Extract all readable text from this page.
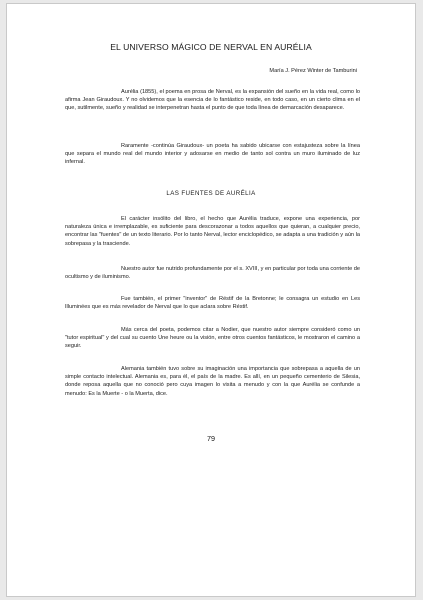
EL UNIVERSO MÁGICO DE NERVAL EN AURÉLIA
María J. Pérez Winter de Tamburini

Aurélia (1855), el poema en prosa de Nerval, es la expansión del sueño en la vida real, como lo afirma Jean Giraudoux. Y no olvidemos que la esencia de lo fantástico reside, en todo caso, en un cierto clima en el que, sutilmente, sueño y realidad se interpenetran hasta el punto de que toda línea de demarcación desaparece.

Raramente -continúa Giraudoux- un poeta ha sabido ubicarse con estajusteza sobre la línea que separa el mundo real del mundo interior y adosarse en medio de tanto sol contra un muro iluminado de luz infernal.

LAS FUENTES DE AURÉLIA

El carácter insólito del libro, el hecho que Aurélia traduce, expone una experiencia, por naturaleza única e irremplazable, es suficiente para descorazonar a todos aquellos que quieran, a cualquier precio, encontrar las "fuentes" de un texto literario. Por lo tanto Nerval, lector enciclopédico, se adapta a una tradición y aún la sobrepasa y la trasciende.

Nuestro autor fue nutrido profundamente por el s. XVIII, y en particular por toda una corriente de ocultismo y de iluminismo.

Fue también, el primer "inventor" de Réstif de la Bretonne; le consagra un estudio en Les Illuminées que es más revelador de Nerval que lo que aclara sobre Réstif.

Más cerca del poeta, podemos citar a Nodier, que nuestro autor siempre consideró como un "tutor espiritual" y del cual su cuento Une heure ou la visión, entre otros cuentos fantásticos, le mostraron el camino a seguir.

Alemania también tuvo sobre su imaginación una importancia que sobrepasa a aquella de un simple contacto intelectual. Alemania es, para él, el país de la madre. Es allí, en un pequeño cementerio de Silesia, donde reposa aquella que no conoció pero cuya imagen lo visita a menudo y con la que Aurélia se confunde a menudo: Es la Muerte - o la Muerta, dice.

79
